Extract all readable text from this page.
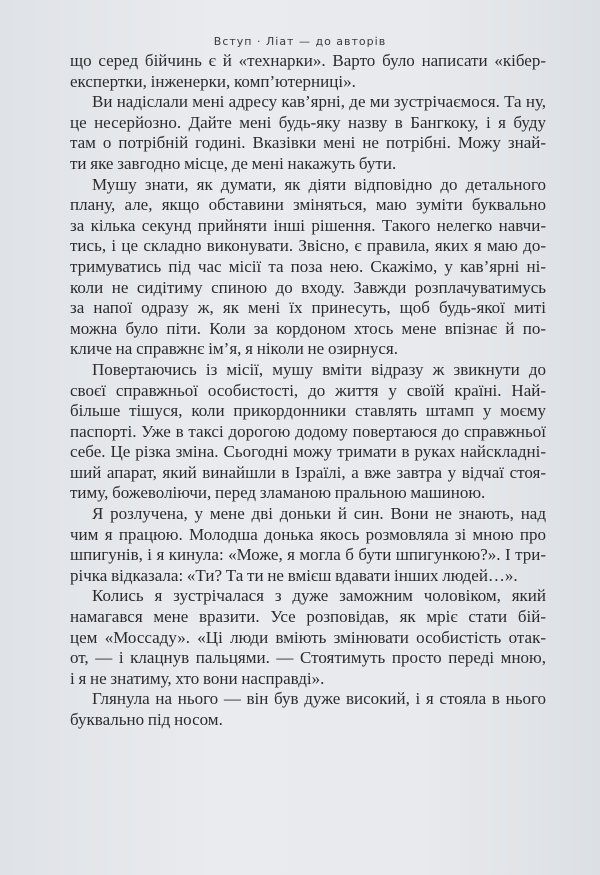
Вступ · Ліат — до авторів
що серед бійчинь є й «технарки». Варто було написати «кібер-
експертки, інженерки, комп’ютерниці».
Ви надіслали мені адресу кав’ярні, де ми зустрічаємося. Та ну,
це несерйозно. Дайте мені будь-яку назву в Бангкоку, і я буду
там о потрібній годині. Вказівки мені не потрібні. Можу знай-
ти яке завгодно місце, де мені накажуть бути.
Мушу знати, як думати, як діяти відповідно до детального
плану, але, якщо обставини зміняться, маю зуміти буквально
за кілька секунд прийняти інші рішення. Такого нелегко навчи-
тись, і це складно виконувати. Звісно, є правила, яких я маю до-
тримуватись під час місії та поза нею. Скажімо, у кав’ярні ні-
коли не сидітиму спиною до входу. Завжди розплачуватимусь
за напої одразу ж, як мені їх принесуть, щоб будь-якої миті
можна було піти. Коли за кордоном хтось мене впізнає й по-
кличе на справжнє ім’я, я ніколи не озирнуся.
Повертаючись із місії, мушу вміти відразу ж звикнути до
своєї справжньої особистості, до життя у своїй країні. Най-
більше тішуся, коли прикордонники ставлять штамп у моєму
паспорті. Уже в таксі дорогою додому повертаюся до справжньої
себе. Це різка зміна. Сьогодні можу тримати в руках найскладні-
ший апарат, який винайшли в Ізраїлі, а вже завтра у відчаї стоя-
тиму, божеволіючи, перед зламаною пральною машиною.
Я розлучена, у мене дві доньки й син. Вони не знають, над
чим я працюю. Молодша донька якось розмовляла зі мною про
шпигунів, і я кинула: «Може, я могла б бути шпигункою?». І три-
річка відказала: «Ти? Та ти не вмієш вдавати інших людей…».
Колись я зустрічалася з дуже заможним чоловіком, який
намагався мене вразити. Усе розповідав, як мріє стати бій-
цем «Моссаду». «Ці люди вміють змінювати особистість отак-
от, — і клацнув пальцями. — Стоятимуть просто переді мною,
і я не знатиму, хто вони насправді».
Глянула на нього — він був дуже високий, і я стояла в нього
буквально під носом.
